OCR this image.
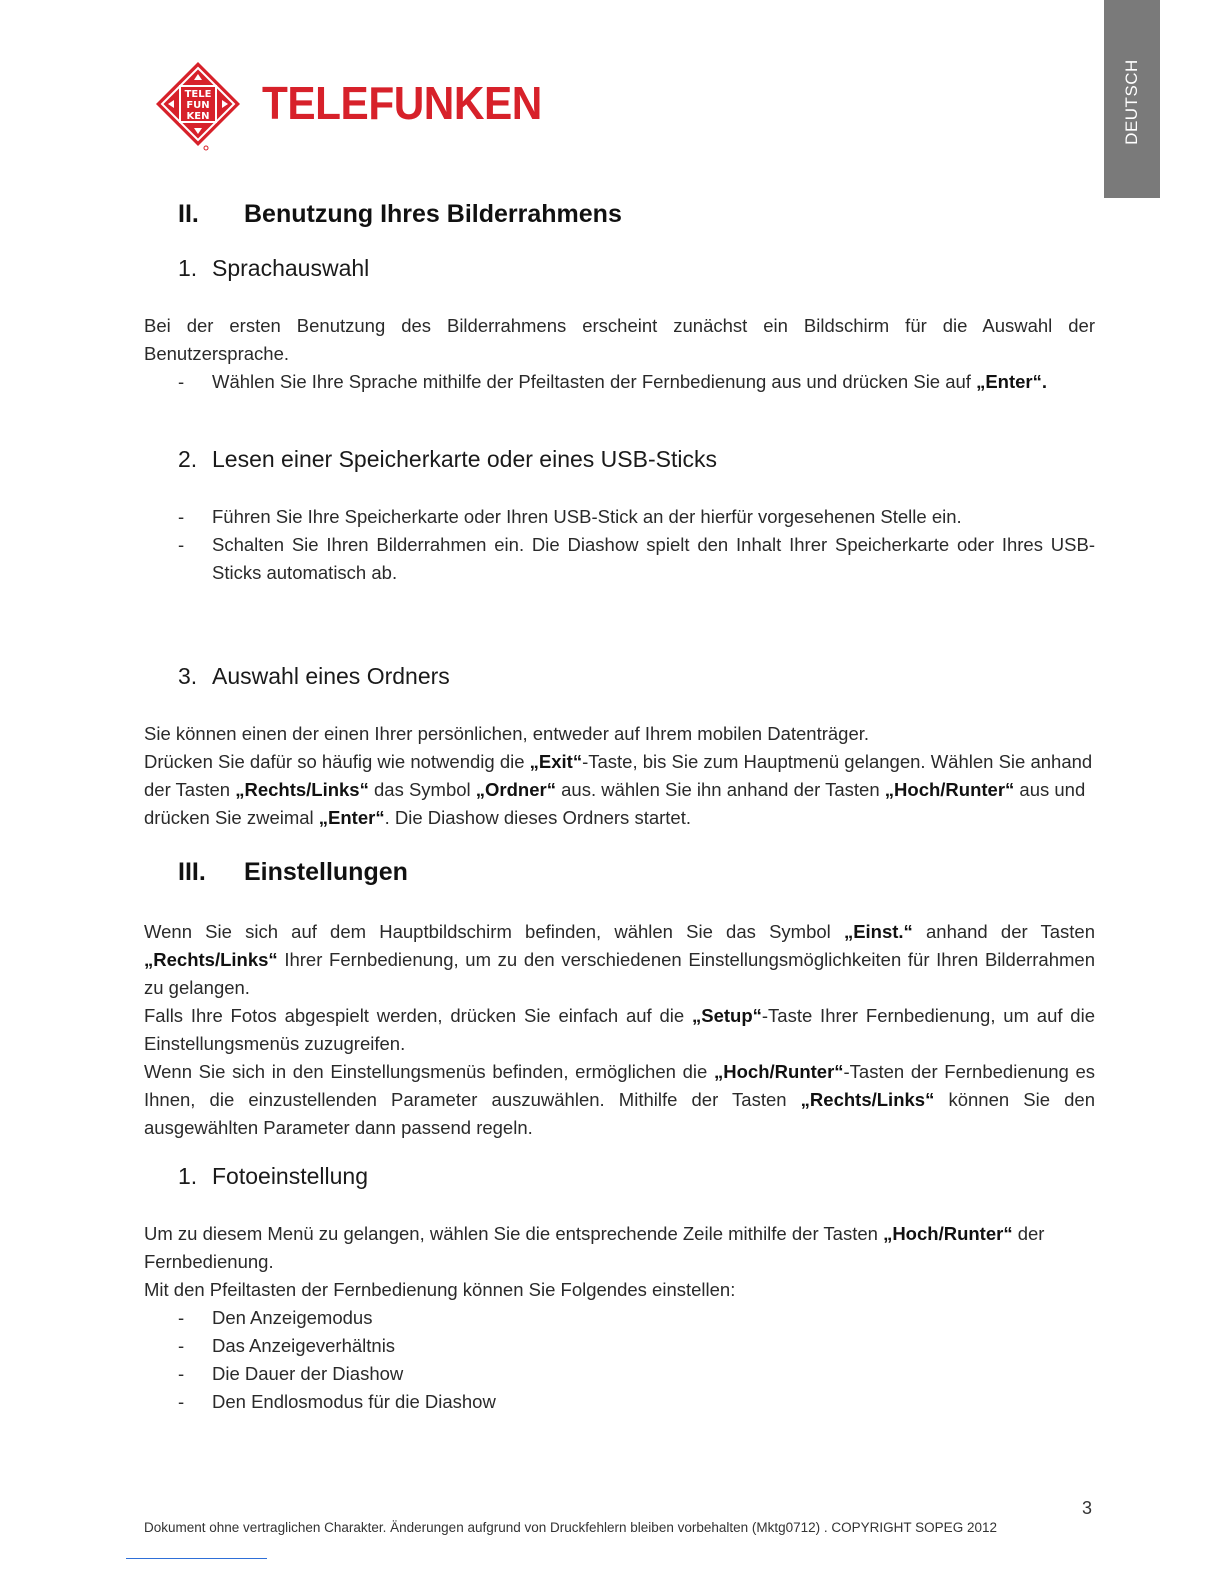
DEUTSCH
TELE
FUN
KEN TELEFUNKEN
II. Benutzung Ihres Bilderrahmens
1. Sprachauswahl

Bei der ersten Benutzung des Bilderrahmens erscheint zunächst ein Bildschirm für die Auswahl der Benutzersprache.

- Wählen Sie Ihre Sprache mithilfe der Pfeiltasten der Fernbedienung aus und drücken Sie auf „Enter“.

2. Lesen einer Speicherkarte oder eines USB-Sticks

- Führen Sie Ihre Speicherkarte oder Ihren USB-Stick an der hierfür vorgesehenen Stelle ein.

- Schalten Sie Ihren Bilderrahmen ein. Die Diashow spielt den Inhalt Ihrer Speicherkarte oder Ihres USB-Sticks automatisch ab.

3. Auswahl eines Ordners

Sie können einen der einen Ihrer persönlichen, entweder auf Ihrem mobilen Datenträger.

Drücken Sie dafür so häufig wie notwendig die „Exit“-Taste, bis Sie zum Hauptmenü gelangen. Wählen Sie anhand der Tasten „Rechts/Links“ das Symbol „Ordner“ aus. wählen Sie ihn anhand der Tasten „Hoch/Runter“ aus und drücken Sie zweimal „Enter“. Die Diashow dieses Ordners startet.

III. Einstellungen

Wenn Sie sich auf dem Hauptbildschirm befinden, wählen Sie das Symbol „Einst.“ anhand der Tasten „Rechts/Links“ Ihrer Fernbedienung, um zu den verschiedenen Einstellungsmöglichkeiten für Ihren Bilderrahmen zu gelangen.

Falls Ihre Fotos abgespielt werden, drücken Sie einfach auf die „Setup“-Taste Ihrer Fernbedienung, um auf die Einstellungsmenüs zuzugreifen.

Wenn Sie sich in den Einstellungsmenüs befinden, ermöglichen die „Hoch/Runter“-Tasten der Fernbedienung es Ihnen, die einzustellenden Parameter auszuwählen. Mithilfe der Tasten „Rechts/Links“ können Sie den ausgewählten Parameter dann passend regeln.

1. Fotoeinstellung

Um zu diesem Menü zu gelangen, wählen Sie die entsprechende Zeile mithilfe der Tasten „Hoch/Runter“ der Fernbedienung.

Mit den Pfeiltasten der Fernbedienung können Sie Folgendes einstellen:

- Den Anzeigemodus

- Das Anzeigeverhältnis

- Die Dauer der Diashow

- Den Endlosmodus für die Diashow

3
Dokument ohne vertraglichen Charakter. Änderungen aufgrund von Druckfehlern bleiben vorbehalten (Mktg0712) . COPYRIGHT SOPEG 2012
